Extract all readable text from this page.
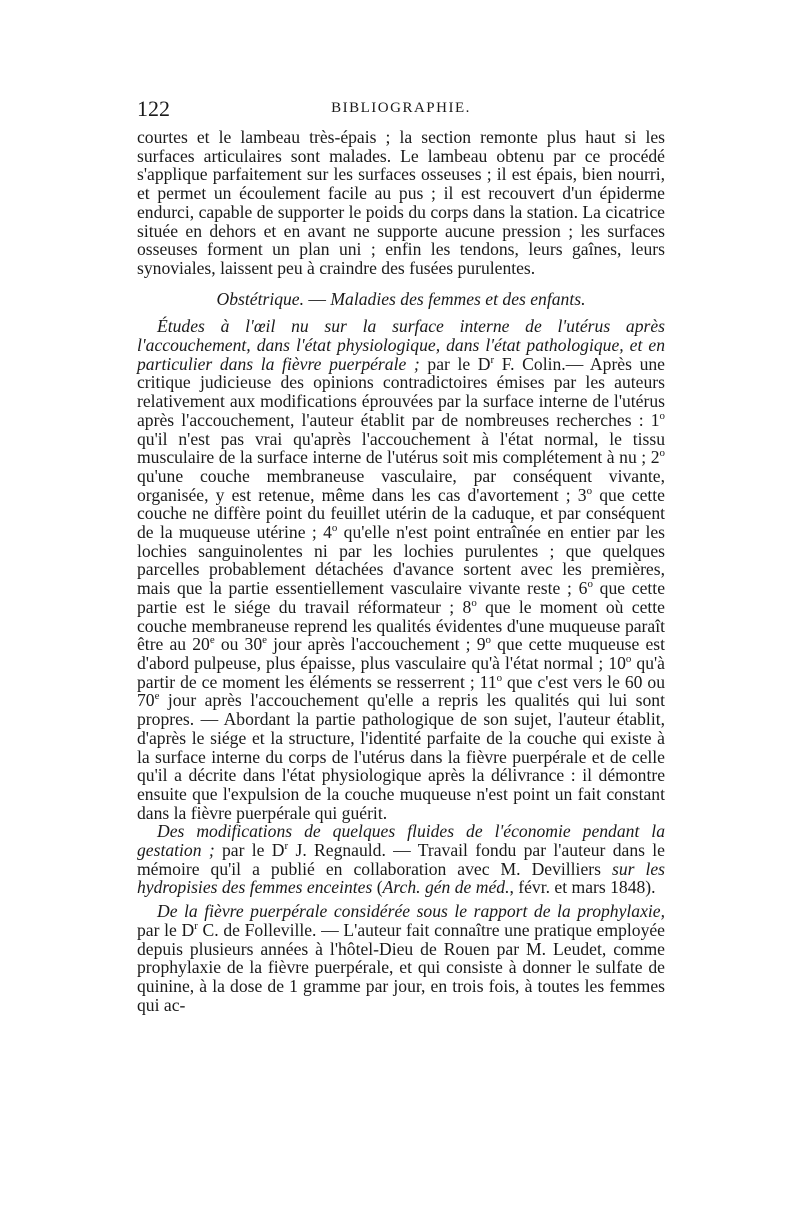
122	BIBLIOGRAPHIE.

courtes et le lambeau très-épais ; la section remonte plus haut si les surfaces articulaires sont malades. Le lambeau obtenu par ce procédé s'applique parfaitement sur les surfaces osseuses ; il est épais, bien nourri, et permet un écoulement facile au pus ; il est recouvert d'un épiderme endurci, capable de supporter le poids du corps dans la station. La cicatrice située en dehors et en avant ne supporte aucune pression ; les surfaces osseuses forment un plan uni ; enfin les tendons, leurs gaînes, leurs synoviales, laissent peu à craindre des fusées purulentes.

Obstétrique. — Maladies des femmes et des enfants.

Études à l'œil nu sur la surface interne de l'utérus après l'accouchement, dans l'état physiologique, dans l'état pathologique, et en particulier dans la fièvre puerpérale ; par le $D^r$ F. Colin.— Après une critique judicieuse des opinions contradictoires émises par les auteurs relativement aux modifications éprouvées par la surface interne de l'utérus après l'accouchement, l'auteur établit par de nombreuses recherches : 1$^o$ qu'il n'est pas vrai qu'après l'accouchement à l'état normal, le tissu musculaire de la surface interne de l'utérus soit mis complétement à nu ; 2$^o$ qu'une couche membraneuse vasculaire, par conséquent vivante, organisée, y est retenue, même dans les cas d'avortement ; 3$^o$ que cette couche ne diffère point du feuillet utérin de la caduque, et par conséquent de la muqueuse utérine ; 4$^o$ qu'elle n'est point entraînée en entier par les lochies sanguinolentes ni par les lochies purulentes ; que quelques parcelles probablement détachées d'avance sortent avec les premières, mais que la partie essentiellement vasculaire vivante reste ; 6$^o$ que cette partie est le siége du travail réformateur ; 8$^o$ que le moment où cette couche membraneuse reprend les qualités évidentes d'une muqueuse paraît être au 20e ou 30e jour après l'accouchement ; 9$^o$ que cette muqueuse est d'abord pulpeuse, plus épaisse, plus vasculaire qu'à l'état normal ; 10$^o$ qu'à partir de ce moment les éléments se resserrent ; 11$^o$ que c'est vers le 60 ou 70e jour après l'accouchement qu'elle a repris les qualités qui lui sont propres. — Abordant la partie pathologique de son sujet, l'auteur établit, d'après le siége et la structure, l'identité parfaite de la couche qui existe à la surface interne du corps de l'utérus dans la fièvre puerpérale et de celle qu'il a décrite dans l'état physiologique après la délivrance : il démontre ensuite que l'expulsion de la couche muqueuse n'est point un fait constant dans la fièvre puerpérale qui guérit.

Des modifications de quelques fluides de l'économie pendant la gestation ; par le $D^r$ J. Regnauld. — Travail fondu par l'auteur dans le mémoire qu'il a publié en collaboration avec M. Devilliers sur les hydropisies des femmes enceintes (Arch. gén de méd., févr. et mars 1848).

De la fièvre puerpérale considérée sous le rapport de la prophylaxie, par le $D^r$ C. de Folleville. — L'auteur fait connaître une pratique employée depuis plusieurs années à l'hôtel-Dieu de Rouen par M. Leudet, comme prophylaxie de la fièvre puerpérale, et qui consiste à donner le sulfate de quinine, à la dose de 1 gramme par jour, en trois fois, à toutes les femmes qui ac-
